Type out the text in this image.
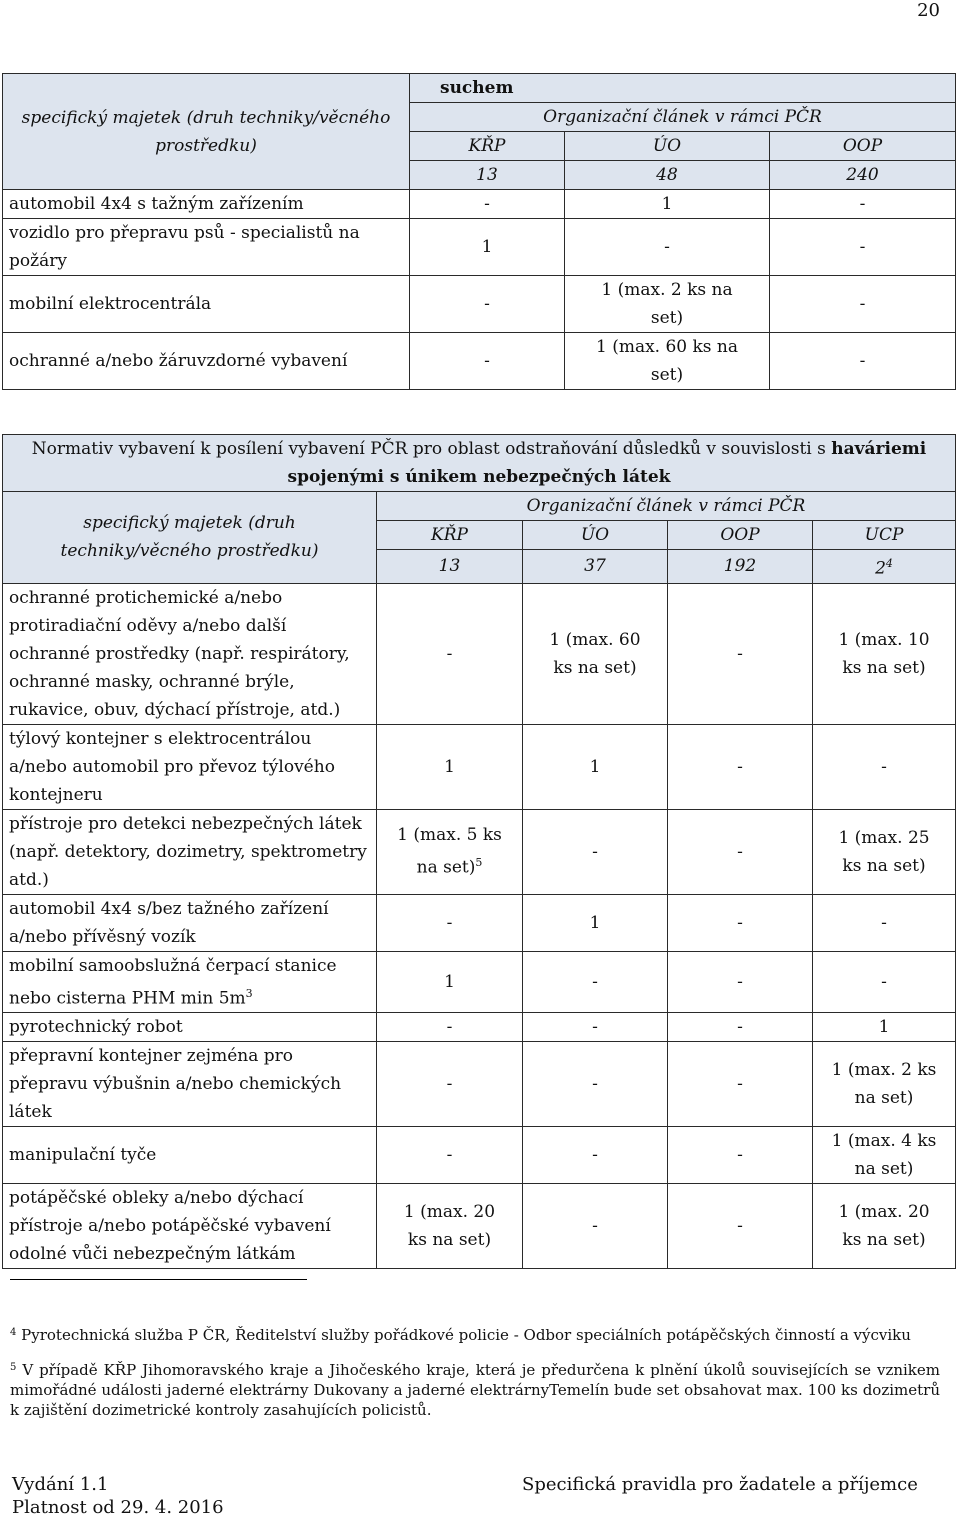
20
specifický majetek (druh techniky/věcného prostředku)	suchem		
	Organizační článek v rámci PČR		
	KŘP	ÚO	OOP
	13	48	240
automobil 4x4 s tažným zařízením	-	1	-
vozidlo pro přepravu psů - specialistů na požáry	1	-	-
mobilní elektrocentrála	-	1 (max. 2 ks na set)	-
ochranné a/nebo žáruvzdorné vybavení	-	1 (max. 60 ks na set)	-
Normativ vybavení k posílení vybavení PČR pro oblast odstraňování důsledků v souvislosti s haváriemi spojenými s únikem nebezpečných látek				
specifický majetek (druh techniky/věcného prostředku)	Organizační článek v rámci PČR			
	KŘP	ÚO	OOP	UCP
	13	37	192	$2^4$
ochranné protichemické a/nebo protiradiační oděvy a/nebo další ochranné prostředky (např. respirátory, ochranné masky, ochranné brýle, rukavice, obuv, dýchací přístroje, atd.)	-	1 (max. 60 ks na set)	-	1 (max. 10 ks na set)
týlový kontejner s elektrocentrálou a/nebo automobil pro převoz týlového kontejneru	1	1	-	-
přístroje pro detekci nebezpečných látek (např. detektory, dozimetry, spektrometry atd.)	1 (max. 5 ks na set)$^5$	-	-	1 (max. 25 ks na set)
automobil 4x4 s/bez tažného zařízení a/nebo přívěsný vozík	-	1	-	-
mobilní samoobslužná čerpací stanice nebo cisterna PHM $\min 5m^3$	1	-	-	-
pyrotechnický robot	-	-	-	1
přepravní kontejner zejména pro přepravu výbušnin a/nebo chemických látek	-	-	-	1 (max. 2 ks na set)
manipulační tyče	-	-	-	1 (max. 4 ks na set)
potápěčské obleky a/nebo dýchací přístroje a/nebo potápěčské vybavení odolné vůči nebezpečným látkám	1 (max. 20 ks na set)	-	-	1 (max. 20 ks na set)
$^4$ Pyrotechnická služba P ČR, Ředitelství služby pořádkové policie - Odbor speciálních potápěčských činností a výcviku
$^5$ V případě KŘP Jihomoravského kraje a Jihočeského kraje, která je předurčena k plnění úkolů souvisejících se vznikem mimořádné události jaderné elektrárny Dukovany a jaderné elektrárnyTemelín bude set obsahovat max. 100 ks dozimetrů k zajištění dozimetrické kontroly zasahujících policistů.
Vydání 1.1
Platnost od 29. 4. 2016
Specifická pravidla pro žadatele a příjemce
